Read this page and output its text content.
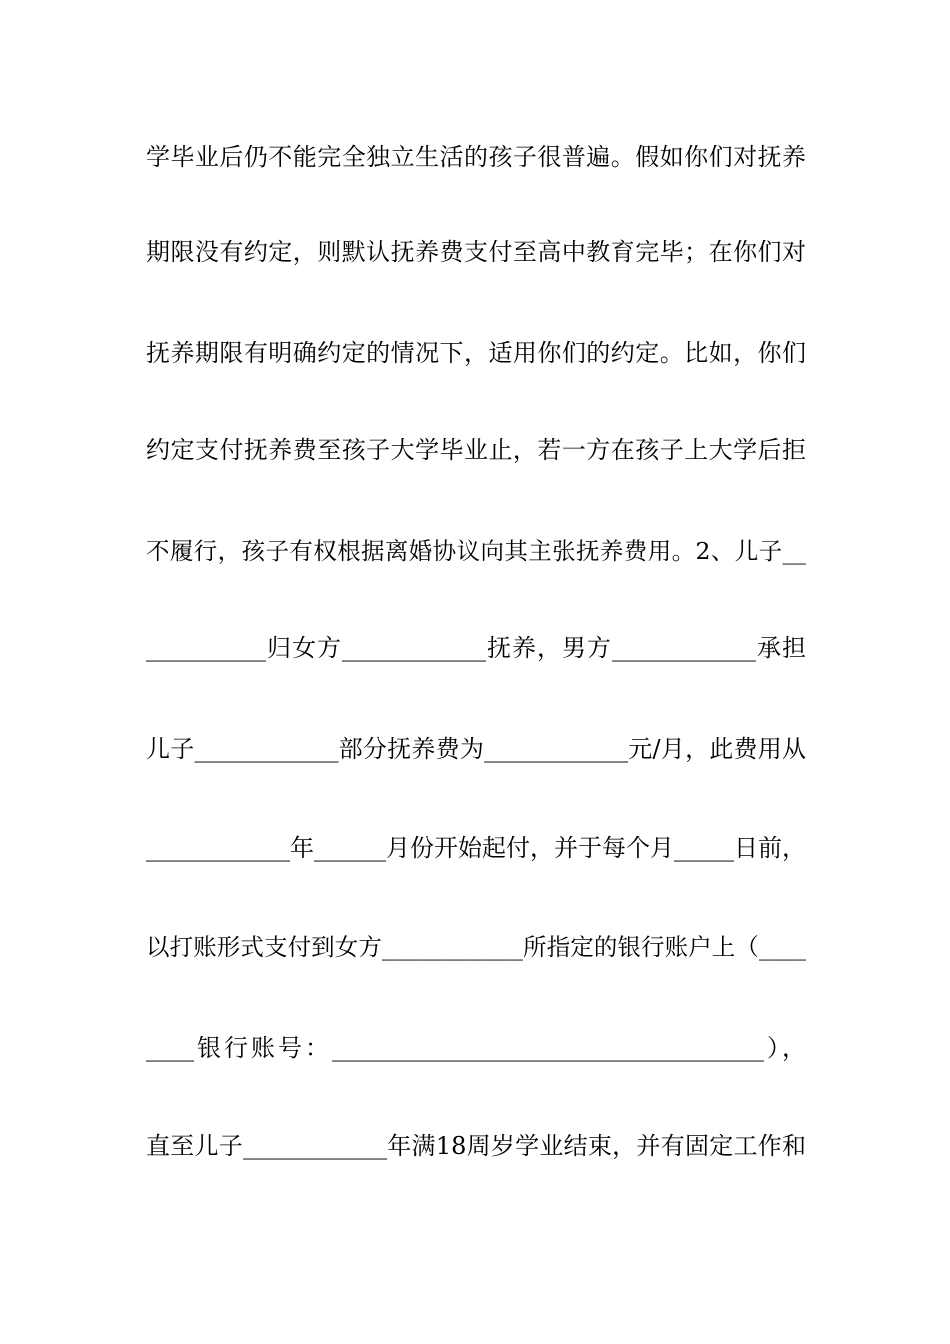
学毕业后仍不能完全独立生活的孩子很普遍。假如你们对抚养
期限没有约定，则默认抚养费支付至高中教育完毕；在你们对
抚养期限有明确约定的情况下，适用你们的约定。比如，你们
约定支付抚养费至孩子大学毕业止，若一方在孩子上大学后拒
不履行，孩子有权根据离婚协议向其主张抚养费用。2、儿子__
__________归女方____________抚养，男方____________承担
儿子____________部分抚养费为____________元/月，此费用从
____________年______月份开始起付，并于每个月_____日前，
以打账形式支付到女方____________所指定的银行账户上（____
____银行账号：____________________________________），
直至儿子____________年满18周岁学业结束，并有固定工作和
